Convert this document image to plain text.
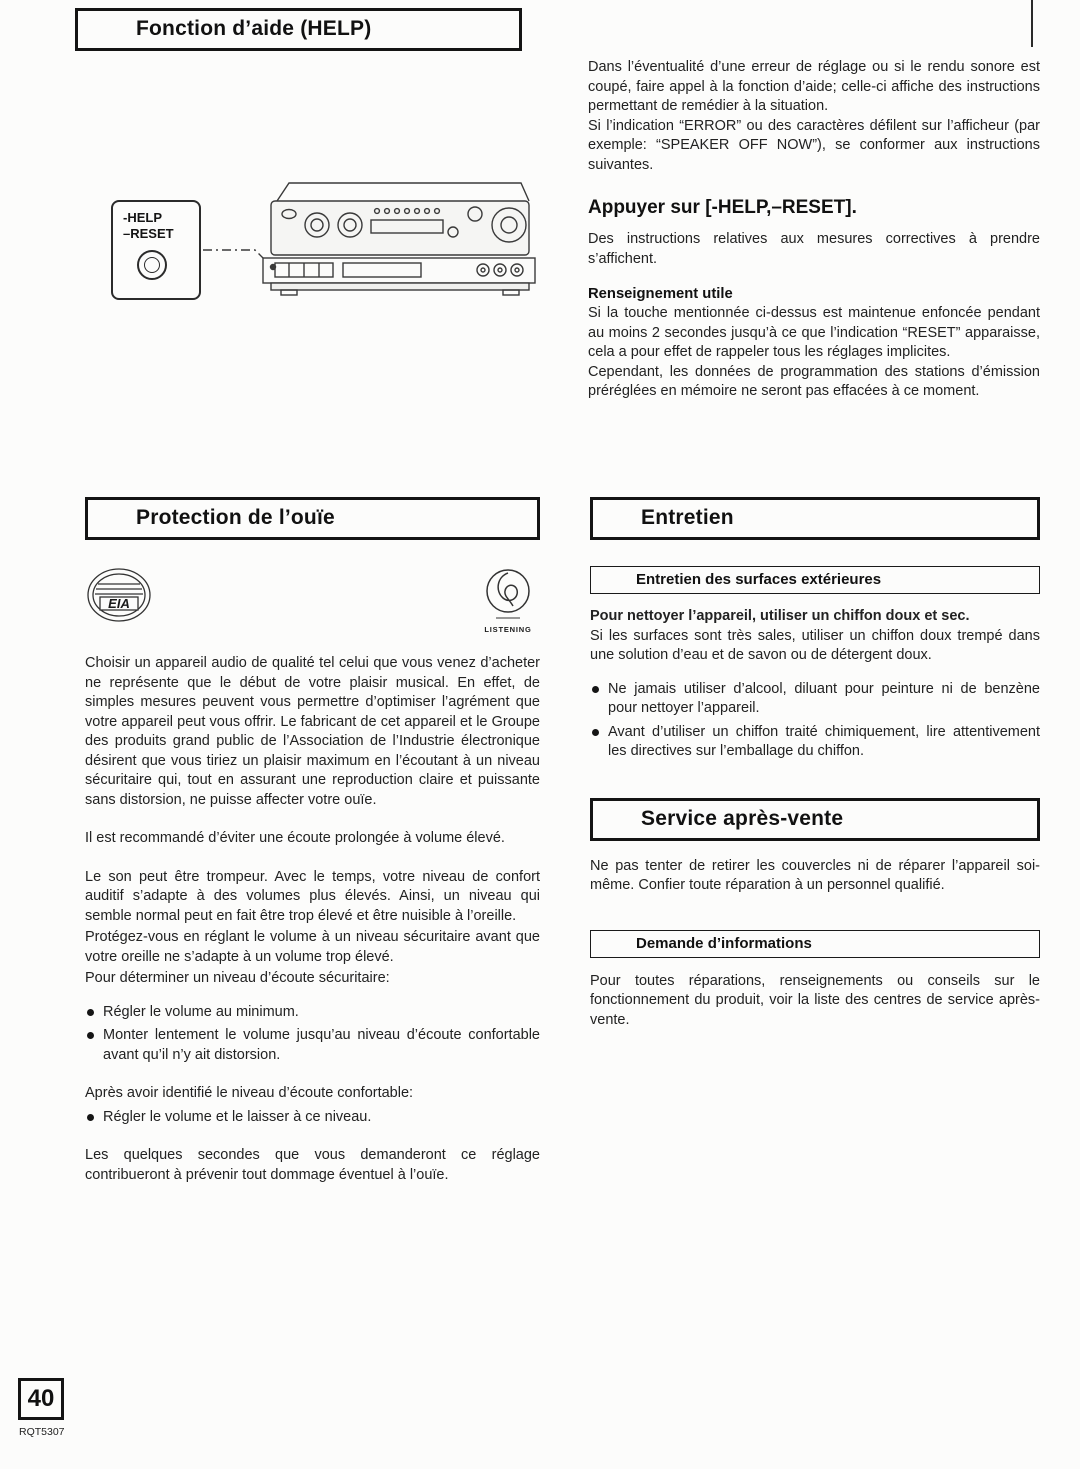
Fonction d’aide (HELP)
-HELP
–RESET

Dans l’éventualité d’une erreur de réglage ou si le rendu sonore est coupé, faire appel à la fonction d’aide; celle-ci affiche des instructions permettant de remédier à la situation.

Si l’indication “ERROR” ou des caractères défilent sur l’afficheur (par exemple: “SPEAKER OFF NOW”), se conformer aux instructions suivantes.

Appuyer sur [-HELP,–RESET].

Des instructions relatives aux mesures correctives à prendre s’affichent.

Renseignement utile

Si la touche mentionnée ci-dessus est maintenue enfoncée pendant au moins 2 secondes jusqu’à ce que l’indication “RESET” apparaisse, cela a pour effet de rappeler tous les réglages implicites.

Cependant, les données de programmation des stations d’émission préréglées en mémoire ne seront pas effacées à ce moment.

Protection de l’ouïe
EIA
LISTENING

Choisir un appareil audio de qualité tel celui que vous venez d’acheter ne représente que le début de votre plaisir musical. En effet, de simples mesures peuvent vous permettre d’optimiser l’agrément que votre appareil peut vous offrir. Le fabricant de cet appareil et le Groupe des produits grand public de l’Association de l’Industrie électronique désirent que vous tiriez un plaisir maximum en l’écoutant à un niveau sécuritaire qui, tout en assurant une reproduction claire et puissante sans distorsion, ne puisse affecter votre ouïe.

Il est recommandé d’éviter une écoute prolongée à volume élevé.

Le son peut être trompeur. Avec le temps, votre niveau de confort auditif s’adapte à des volumes plus élevés. Ainsi, un niveau qui semble normal peut en fait être trop élevé et être nuisible à l’oreille.

Protégez-vous en réglant le volume à un niveau sécuritaire avant que votre oreille ne s’adapte à un volume trop élevé.

Pour déterminer un niveau d’écoute sécuritaire:

Régler le volume au minimum.

Monter lentement le volume jusqu’au niveau d’écoute confortable avant qu’il n’y ait distorsion.

Après avoir identifié le niveau d’écoute confortable:

Régler le volume et le laisser à ce niveau.

Les quelques secondes que vous demanderont ce réglage contribueront à prévenir tout dommage éventuel à l’ouïe.

Entretien
Entretien des surfaces extérieures

Pour nettoyer l’appareil, utiliser un chiffon doux et sec.

Si les surfaces sont très sales, utiliser un chiffon doux trempé dans une solution d’eau et de savon ou de détergent doux.

Ne jamais utiliser d’alcool, diluant pour peinture ni de benzène pour nettoyer l’appareil.

Avant d’utiliser un chiffon traité chimiquement, lire attentivement les directives sur l’emballage du chiffon.

Service après-vente

Ne pas tenter de retirer les couvercles ni de réparer l’appareil soi-même. Confier toute réparation à un personnel qualifié.

Demande d’informations

Pour toutes réparations, renseignements ou conseils sur le fonctionnement du produit, voir la liste des centres de service après-vente.

40
RQT5307
